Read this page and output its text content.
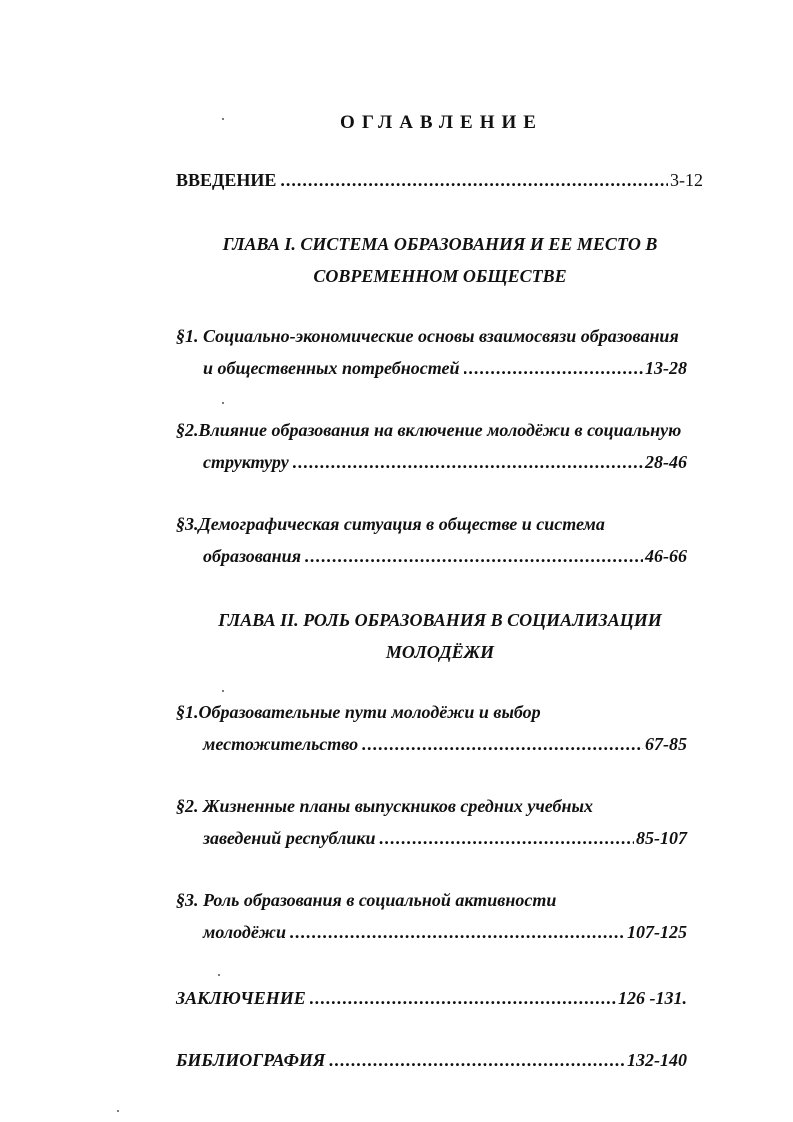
ОГЛАВЛЕНИЕ
ВВЕДЕНИЕ .....	3-12
ГЛАВА I. СИСТЕМА ОБРАЗОВАНИЯ И ЕЕ МЕСТО В
СОВРЕМЕННОМ ОБЩЕСТВЕ
§1. Социально-экономические основы взаимосвязи образования
и общественных потребностей .....	13-28
§2.Влияние образования на включение молодёжи в социальную
структуру .....	28-46
§3.Демографическая ситуация в обществе и система
образования .....	46-66
ГЛАВА II. РОЛЬ ОБРАЗОВАНИЯ В СОЦИАЛИЗАЦИИ
МОЛОДЁЖИ
§1.Образовательные пути молодёжи и выбор
местожительство .....	67-85
§2. Жизненные планы выпускников средних учебных
заведений республики .....	85-107
§3. Роль образования в социальной активности
молодёжи .....	107-125
ЗАКЛЮЧЕНИЕ .....	126 -131.
БИБЛИОГРАФИЯ .....	132-140
